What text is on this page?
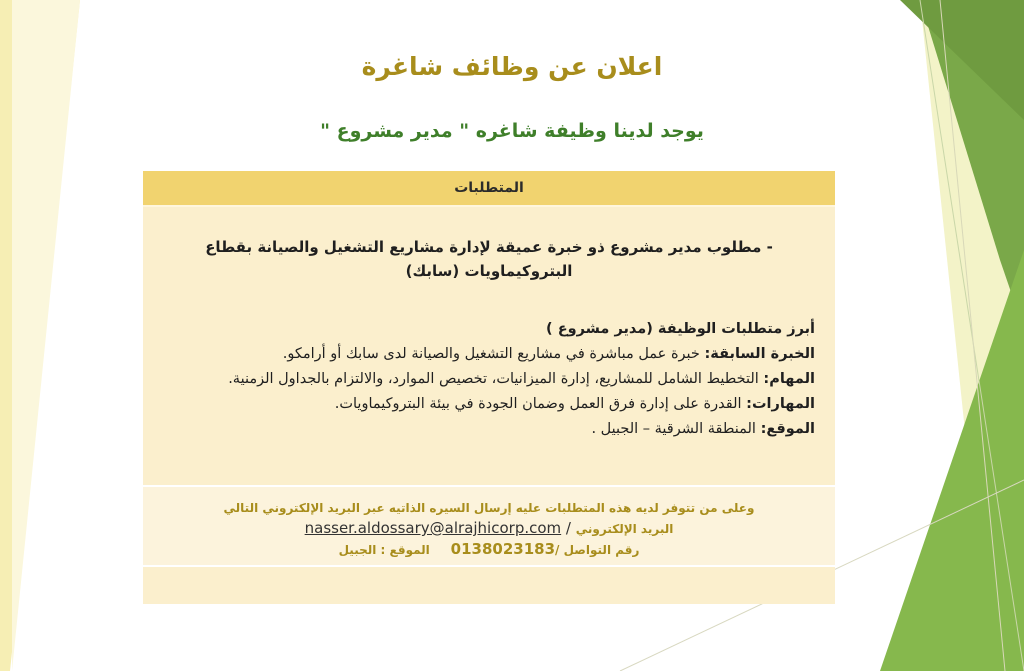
اعلان عن وظائف شاغرة
يوجد لدينا وظيفة شاغره " مدير مشروع "
المتطلبات
- مطلوب مدير مشروع ذو خبرة عميقة لإدارة مشاريع التشغيل والصيانة بقطاع البتروكيماويات (سابك)
أبرز متطلبات الوظيفة (مدير مشروع )
الخبرة السابقة: خبرة عمل مباشرة في مشاريع التشغيل والصيانة لدى سابك أو أرامكو.
المهام: التخطيط الشامل للمشاريع، إدارة الميزانيات، تخصيص الموارد، والالتزام بالجداول الزمنية.
المهارات: القدرة على إدارة فرق العمل وضمان الجودة في بيئة البتروكيماويات.
الموقع: المنطقة الشرقية – الجبيل .
وعلى من تتوفر لديه هذه المتطلبات عليه إرسال السيره الذاتيه عبر البريد الإلكتروني التالي
البريد الإلكتروني / nasser.aldossary@alrajhicorp.com
رقم التواصل /0138023183     الموقع : الجبيل
